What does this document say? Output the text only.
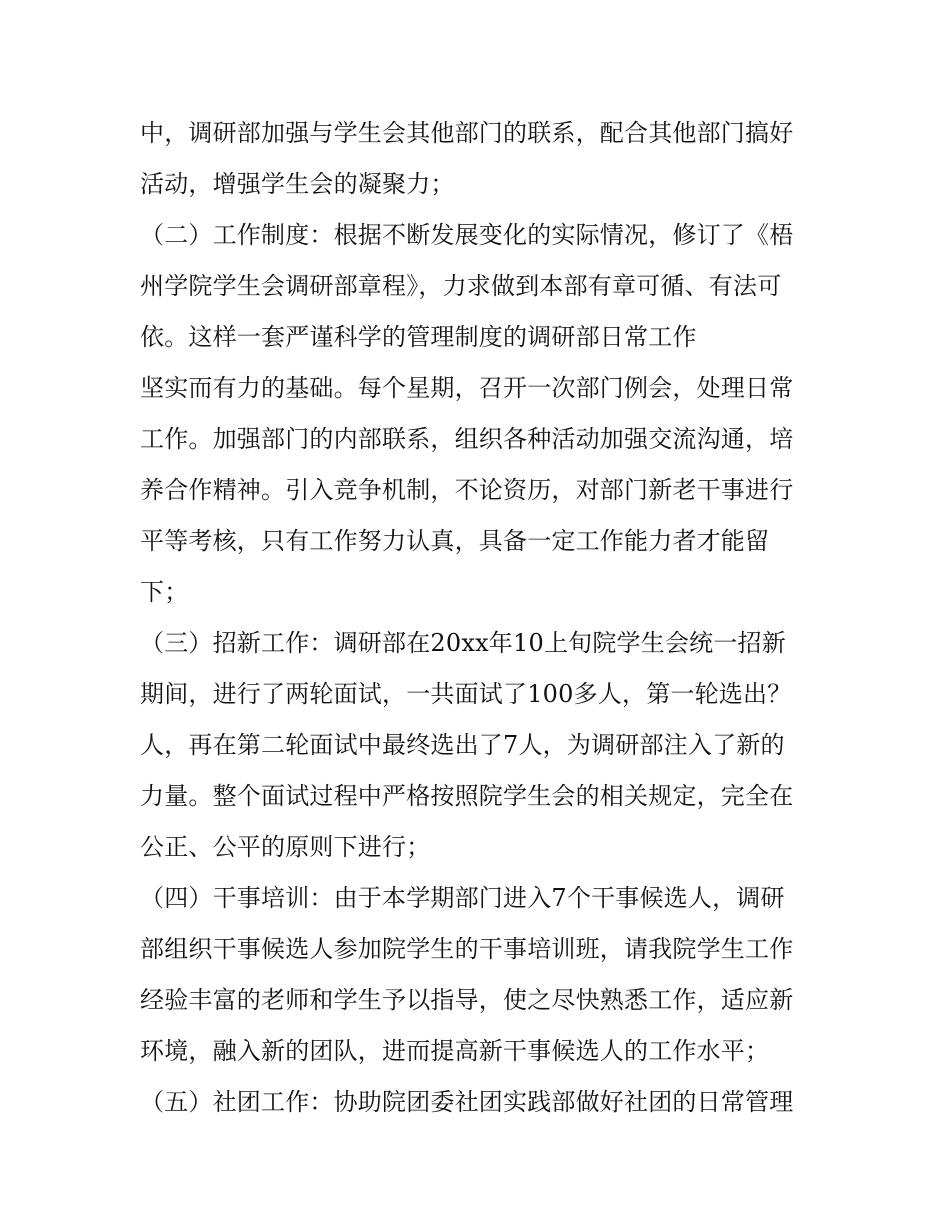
中，调研部加强与学生会其他部门的联系，配合其他部门搞好
活动，增强学生会的凝聚力；
（二）工作制度：根据不断发展变化的实际情况，修订了《梧
州学院学生会调研部章程》，力求做到本部有章可循、有法可
依。这样一套严谨科学的管理制度的调研部日常工作
坚实而有力的基础。每个星期，召开一次部门例会，处理日常
工作。加强部门的内部联系，组织各种活动加强交流沟通，培
养合作精神。引入竞争机制，不论资历，对部门新老干事进行
平等考核，只有工作努力认真，具备一定工作能力者才能留
下；
（三）招新工作：调研部在20xx年10上旬院学生会统一招新
期间，进行了两轮面试，一共面试了100多人，第一轮选出？
人，再在第二轮面试中最终选出了7人，为调研部注入了新的
力量。整个面试过程中严格按照院学生会的相关规定，完全在
公正、公平的原则下进行；
（四）干事培训：由于本学期部门进入7个干事候选人，调研
部组织干事候选人参加院学生的干事培训班，请我院学生工作
经验丰富的老师和学生予以指导，使之尽快熟悉工作，适应新
环境，融入新的团队，进而提高新干事候选人的工作水平；
（五）社团工作：协助院团委社团实践部做好社团的日常管理
